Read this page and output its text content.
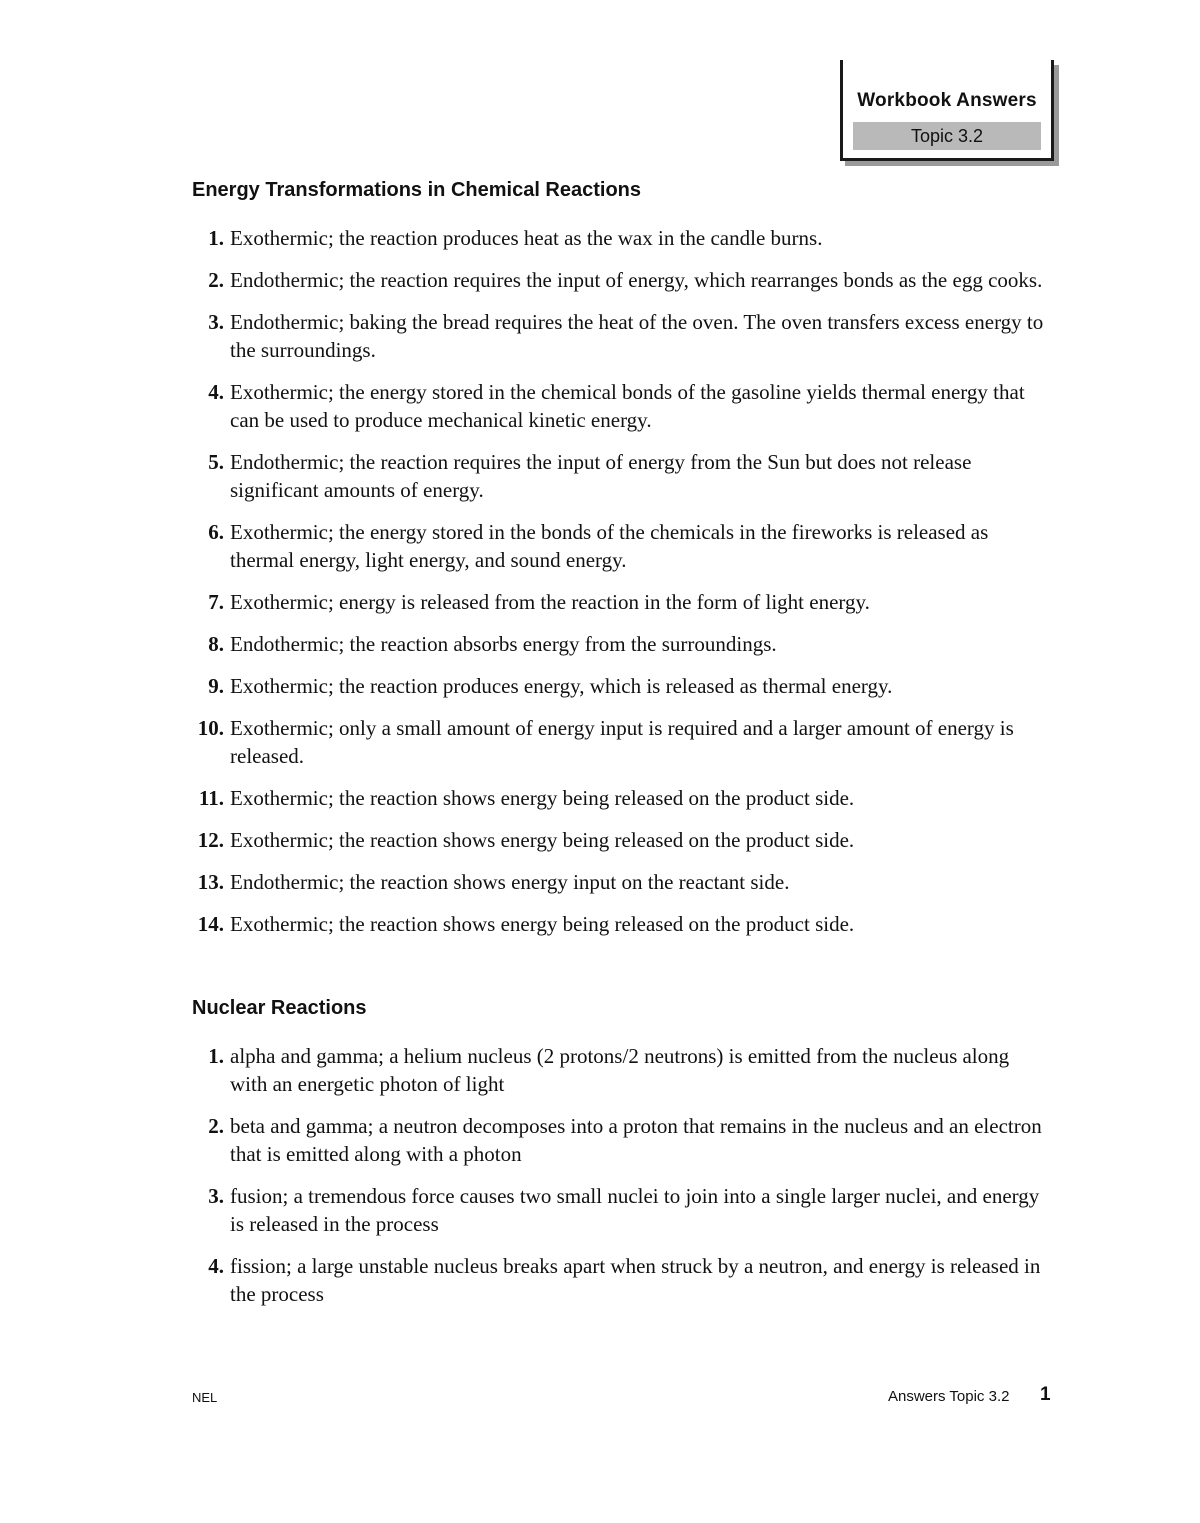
Workbook Answers
Topic 3.2
Energy Transformations in Chemical Reactions
1. Exothermic; the reaction produces heat as the wax in the candle burns.
2. Endothermic; the reaction requires the input of energy, which rearranges bonds as the egg cooks.
3. Endothermic; baking the bread requires the heat of the oven. The oven transfers excess energy to the surroundings.
4. Exothermic; the energy stored in the chemical bonds of the gasoline yields thermal energy that can be used to produce mechanical kinetic energy.
5. Endothermic; the reaction requires the input of energy from the Sun but does not release significant amounts of energy.
6. Exothermic; the energy stored in the bonds of the chemicals in the fireworks is released as thermal energy, light energy, and sound energy.
7. Exothermic; energy is released from the reaction in the form of light energy.
8. Endothermic; the reaction absorbs energy from the surroundings.
9. Exothermic; the reaction produces energy, which is released as thermal energy.
10. Exothermic; only a small amount of energy input is required and a larger amount of energy is released.
11. Exothermic; the reaction shows energy being released on the product side.
12. Exothermic; the reaction shows energy being released on the product side.
13. Endothermic; the reaction shows energy input on the reactant side.
14. Exothermic; the reaction shows energy being released on the product side.
Nuclear Reactions
1. alpha and gamma; a helium nucleus (2 protons/2 neutrons) is emitted from the nucleus along with an energetic photon of light
2. beta and gamma; a neutron decomposes into a proton that remains in the nucleus and an electron that is emitted along with a photon
3. fusion; a tremendous force causes two small nuclei to join into a single larger nuclei, and energy is released in the process
4. fission; a large unstable nucleus breaks apart when struck by a neutron, and energy is released in the process
NEL	Answers Topic 3.2 1
